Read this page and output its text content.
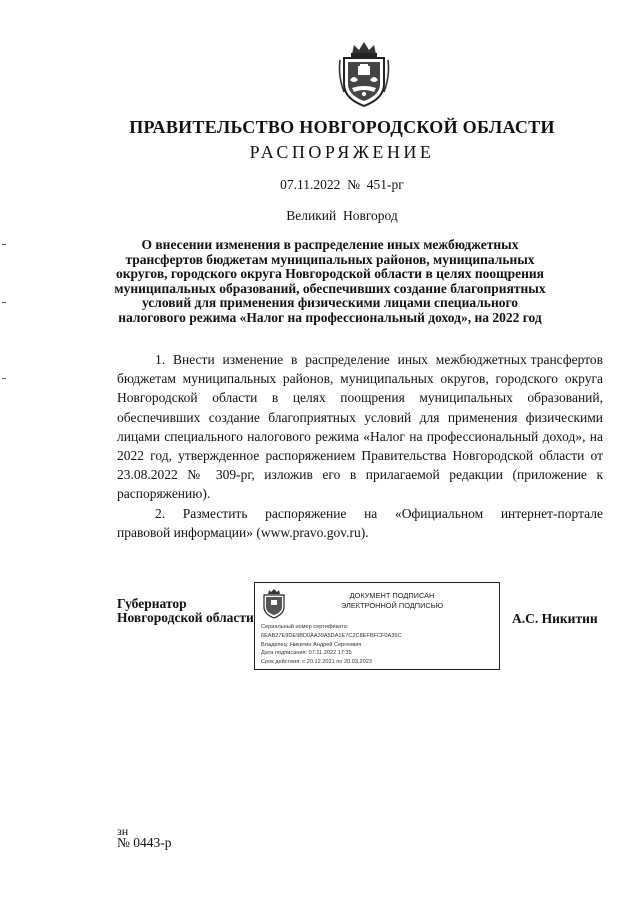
ПРАВИТЕЛЬСТВО НОВГОРОДСКОЙ ОБЛАСТИ
РАСПОРЯЖЕНИЕ
07.11.2022  №  451-рг
Великий  Новгород
О внесении изменения в распределение иных межбюджетных трансфертов бюджетам муниципальных районов, муниципальных округов, городского округа Новгородской области в целях поощрения муниципальных образований, обеспечивших создание благоприятных условий для применения физическими лицами специального налогового режима «Налог на профессиональный доход», на 2022 год

1.  Внести  изменение  в  распределение  иных  межбюджетных трансфертов бюджетам муниципальных районов, муниципальных округов, городского округа Новгородской области в целях поощрения муниципальных образований, обеспечивших создание благоприятных условий для применения физическими лицами специального налогового режима «Налог на профессиональный доход», на 2022 год, утвержденное распоряжением Правительства Новгородской области от 23.08.2022 № 309-рг, изложив его в прилагаемой редакции (приложение к распоряжению).

2.  Разместить  распоряжение  на  «Официальном  интернет-портале правовой информации» (www.pravo.gov.ru).

Губернатор
Новгородской области
ДОКУМЕНТ ПОДПИСАН
ЭЛЕКТРОННОЙ ПОДПИСЬЮ
Сериальный номер сертификата:
6EAB27E9DE9BD0AA39A5DA1E7C2C8EFBFCF0A35C
Владелец: Никитин Андрей Сергеевич
Дата подписания: 07.11.2022 17:35
Срок действия: с 20.12.2021 по 20.03.2023
А.С. Никитин
зн
№ 0443-р
